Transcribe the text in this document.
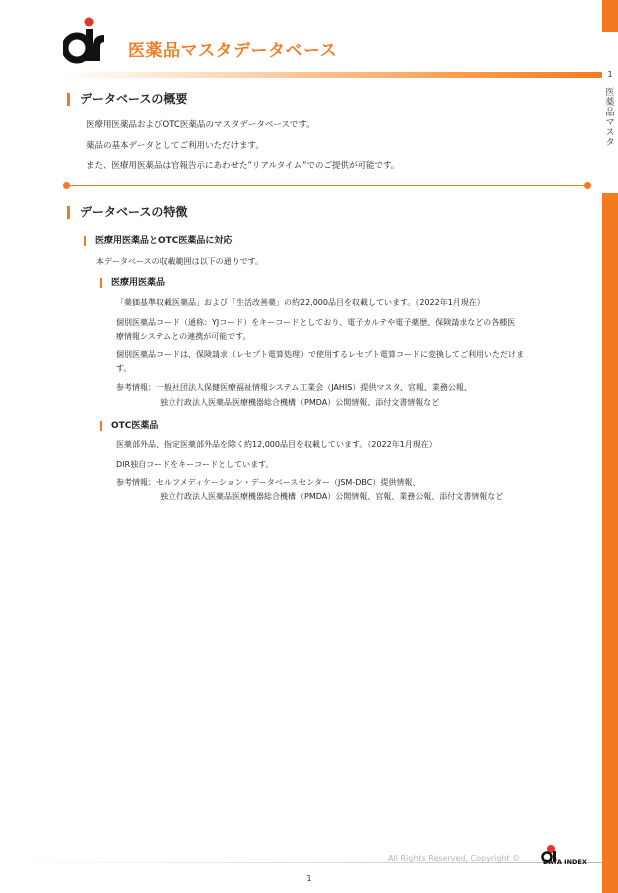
1
医薬品マスタ
医薬品マスタデータベース
データベースの概要
医療用医薬品およびOTC医薬品のマスタデータベースです。
薬品の基本データとしてご利用いただけます。
また、医療用医薬品は官報告示にあわせた”リアルタイム”でのご提供が可能です。
データベースの特徴
医療用医薬品とOTC医薬品に対応
本データベースの収載範囲は以下の通りです。
医療用医薬品
「薬価基準収載医薬品」および「生活改善薬」の約22,000品目を収載しています。（2022年1月現在）
個別医薬品コード（通称：YJコード）をキーコードとしており、電子カルテや電子薬歴、保険請求などの各種医
療情報システムとの連携が可能です。
個別医薬品コードは、保険請求（レセプト電算処理）で使用するレセプト電算コードに変換してご利用いただけま
す。
参考情報：一般社団法人保健医療福祉情報システム工業会（JAHIS）提供マスタ、官報、業務公報、
独立行政法人医薬品医療機器総合機構（PMDA）公開情報、添付文書情報など
OTC医薬品
医薬部外品、指定医薬部外品を除く約12,000品目を収載しています。（2022年1月現在）
DIR独自コードをキーコードとしています。
参考情報：セルフメディケーション・データベースセンター（JSM-DBC）提供情報、
独立行政法人医薬品医療機器総合機構（PMDA）公開情報、官報、業務公報、添付文書情報など
All Rights Reserved, Copyright ©	DATA INDEX
1
